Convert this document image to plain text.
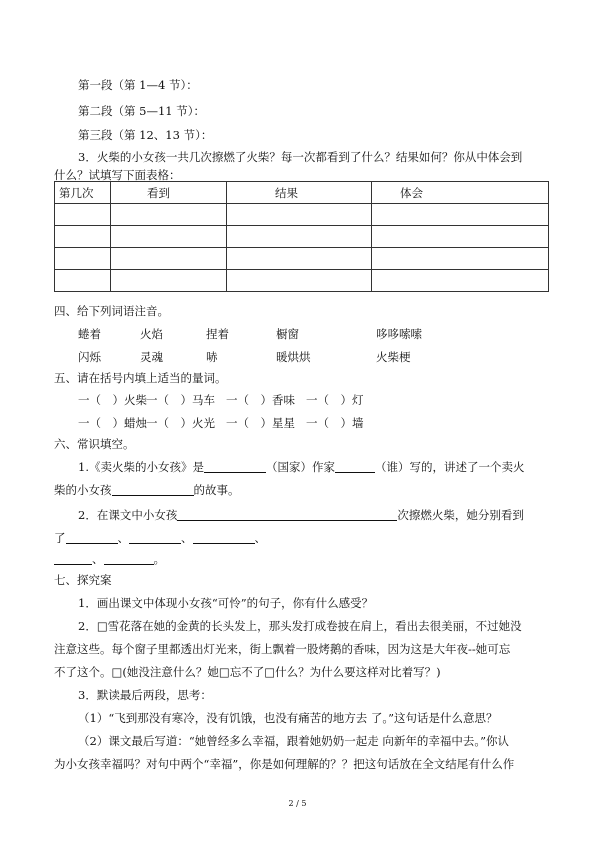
第一段（第 1—4 节）：
第二段（第 5—11 节）：
第三段（第 12、13 节）：
3．火柴的小女孩一共几次擦燃了火柴？每一次都看到了什么？结果如何？你从中体会到
什么？试填写下面表格：
第几次	看到	结果	体会

四、给下列词语注音。
蜷着	火焰	捏着	橱窗	哆哆嗦嗦
闪烁	灵魂	哧	暖烘烘	火柴梗
五、请在括号内填上适当的量词。
一（　）火柴一（　）马车 一（　）香味 一（　）灯
一（　）蜡烛一（　）火光 一（　）星星 一（　）墙
六、常识填空。
1.《卖火柴的小女孩》是	（国家）作家	（谁）写的，讲述了一个卖火
柴的小女孩	的故事。
2．在课文中小女孩	次擦燃火柴，她分别看到
了	、	、	、
、	。
七、探究案
1．画出课文中体现小女孩“可怜”的句子，你有什么感受？
2．□雪花落在她的金黄的长头发上，那头发打成卷披在肩上，看出去很美丽，不过她没
注意这些。每个窗子里都透出灯光来，街上飘着一股烤鹅的香味，因为这是大年夜--她可忘
不了这个。□(她没注意什么？她□忘不了□什么？为什么要这样对比着写？)
3．默读最后两段，思考：
（1）“飞到那没有寒冷，没有饥饿，也没有痛苦的地方去 了。”这句话是什么意思？
（2）课文最后写道：“她曾经多么幸福，跟着她奶奶一起走 向新年的幸福中去。”你认
为小女孩幸福吗？对句中两个“幸福”，你是如何理解的？？把这句话放在全文结尾有什么作
2 / 5
